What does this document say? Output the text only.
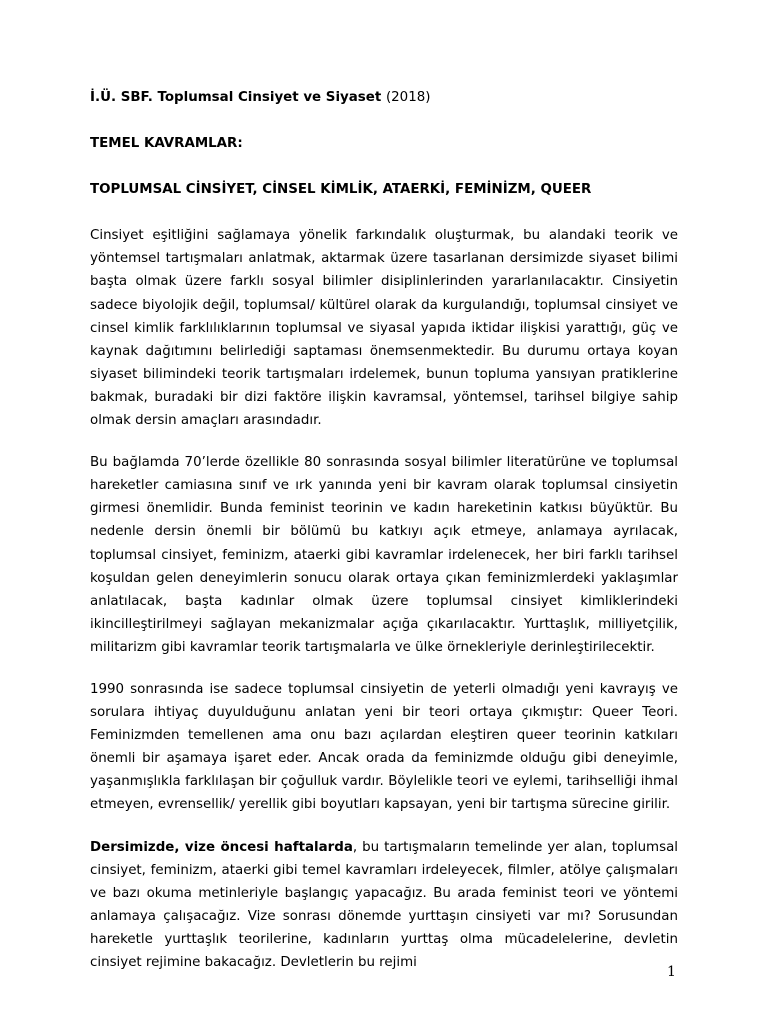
İ.Ü. SBF. Toplumsal Cinsiyet ve Siyaset (2018)
TEMEL KAVRAMLAR:
TOPLUMSAL CİNSİYET, CİNSEL KİMLİK, ATAERKİ, FEMİNİZM, QUEER

Cinsiyet eşitliğini sağlamaya yönelik farkındalık oluşturmak, bu alandaki teorik ve yöntemsel tartışmaları anlatmak, aktarmak üzere tasarlanan dersimizde siyaset bilimi başta olmak üzere farklı sosyal bilimler disiplinlerinden yararlanılacaktır. Cinsiyetin sadece biyolojik değil, toplumsal/ kültürel olarak da kurgulandığı, toplumsal cinsiyet ve cinsel kimlik farklılıklarının toplumsal ve siyasal yapıda iktidar ilişkisi yarattığı, güç ve kaynak dağıtımını belirlediği saptaması önemsenmektedir. Bu durumu ortaya koyan siyaset bilimindeki teorik tartışmaları irdelemek, bunun topluma yansıyan pratiklerine bakmak, buradaki bir dizi faktöre ilişkin kavramsal, yöntemsel, tarihsel bilgiye sahip olmak dersin amaçları arasındadır.

Bu bağlamda 70’lerde özellikle 80 sonrasında sosyal bilimler literatürüne ve toplumsal hareketler camiasına sınıf ve ırk yanında yeni bir kavram olarak toplumsal cinsiyetin girmesi önemlidir. Bunda feminist teorinin ve kadın hareketinin katkısı büyüktür. Bu nedenle dersin önemli bir bölümü bu katkıyı açık etmeye, anlamaya ayrılacak, toplumsal cinsiyet, feminizm, ataerki gibi kavramlar irdelenecek, her biri farklı tarihsel koşuldan gelen deneyimlerin sonucu olarak ortaya çıkan feminizmlerdeki yaklaşımlar anlatılacak, başta kadınlar olmak üzere toplumsal cinsiyet kimliklerindeki ikincilleştirilmeyi sağlayan mekanizmalar açığa çıkarılacaktır. Yurttaşlık, milliyetçilik, militarizm gibi kavramlar teorik tartışmalarla ve ülke örnekleriyle derinleştirilecektir.

1990 sonrasında ise sadece toplumsal cinsiyetin de yeterli olmadığı yeni kavrayış ve sorulara ihtiyaç duyulduğunu anlatan yeni bir teori ortaya çıkmıştır: Queer Teori. Feminizmden temellenen ama onu bazı açılardan eleştiren queer teorinin katkıları önemli bir aşamaya işaret eder. Ancak orada da feminizmde olduğu gibi deneyimle, yaşanmışlıkla farklılaşan bir çoğulluk vardır. Böylelikle teori ve eylemi, tarihselliği ihmal etmeyen, evrensellik/ yerellik gibi boyutları kapsayan, yeni bir tartışma sürecine girilir.

Dersimizde, vize öncesi haftalarda, bu tartışmaların temelinde yer alan, toplumsal cinsiyet, feminizm, ataerki gibi temel kavramları irdeleyecek, filmler, atölye çalışmaları ve bazı okuma metinleriyle başlangıç yapacağız. Bu arada feminist teori ve yöntemi anlamaya çalışacağız. Vize sonrası dönemde yurttaşın cinsiyeti var mı? Sorusundan hareketle yurttaşlık teorilerine, kadınların yurttaş olma mücadelelerine, devletin cinsiyet rejimine bakacağız. Devletlerin bu rejimi

1
